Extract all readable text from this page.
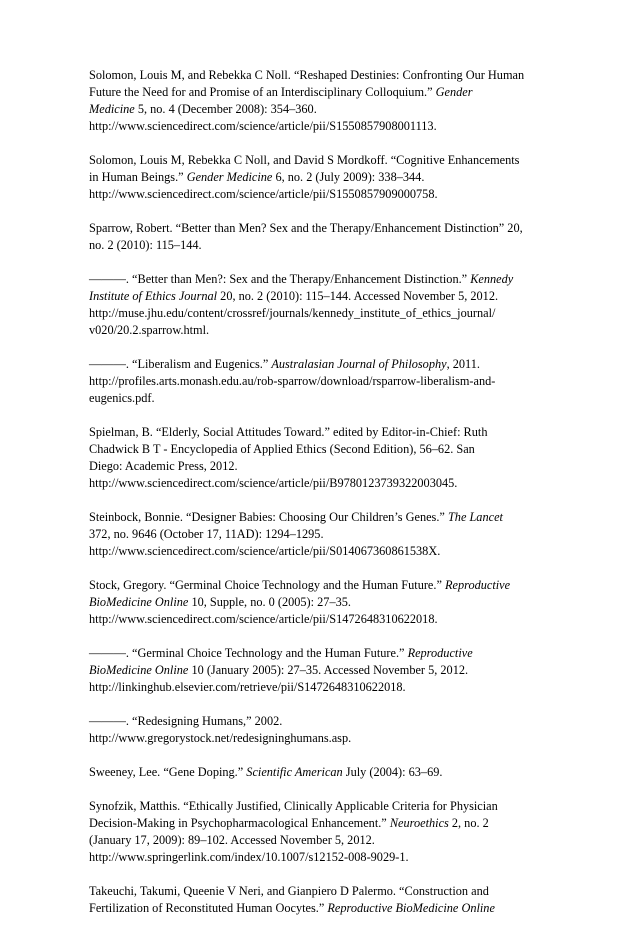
Solomon, Louis M, and Rebekka C Noll. “Reshaped Destinies: Confronting Our Human
Future the Need for and Promise of an Interdisciplinary Colloquium.” Gender
Medicine 5, no. 4 (December 2008): 354–360.
http://www.sciencedirect.com/science/article/pii/S1550857908001113.

Solomon, Louis M, Rebekka C Noll, and David S Mordkoff. “Cognitive Enhancements
in Human Beings.” Gender Medicine 6, no. 2 (July 2009): 338–344.
http://www.sciencedirect.com/science/article/pii/S1550857909000758.

Sparrow, Robert. “Better than Men? Sex and the Therapy/Enhancement Distinction” 20,
no. 2 (2010): 115–144.

———. “Better than Men?: Sex and the Therapy/Enhancement Distinction.” Kennedy
Institute of Ethics Journal 20, no. 2 (2010): 115–144. Accessed November 5, 2012.
http://muse.jhu.edu/content/crossref/journals/kennedy_institute_of_ethics_journal/
v020/20.2.sparrow.html.

———. “Liberalism and Eugenics.” Australasian Journal of Philosophy, 2011.
http://profiles.arts.monash.edu.au/rob-sparrow/download/rsparrow-liberalism-and-
eugenics.pdf.

Spielman, B. “Elderly, Social Attitudes Toward.” edited by Editor-in-Chief: Ruth
Chadwick B T - Encyclopedia of Applied Ethics (Second Edition), 56–62. San
Diego: Academic Press, 2012.
http://www.sciencedirect.com/science/article/pii/B9780123739322003045.

Steinbock, Bonnie. “Designer Babies: Choosing Our Children’s Genes.” The Lancet
372, no. 9646 (October 17, 11AD): 1294–1295.
http://www.sciencedirect.com/science/article/pii/S014067360861538X.

Stock, Gregory. “Germinal Choice Technology and the Human Future.” Reproductive
BioMedicine Online 10, Supple, no. 0 (2005): 27–35.
http://www.sciencedirect.com/science/article/pii/S1472648310622018.

———. “Germinal Choice Technology and the Human Future.” Reproductive
BioMedicine Online 10 (January 2005): 27–35. Accessed November 5, 2012.
http://linkinghub.elsevier.com/retrieve/pii/S1472648310622018.

———. “Redesigning Humans,” 2002.
http://www.gregorystock.net/redesigninghumans.asp.

Sweeney, Lee. “Gene Doping.” Scientific American July (2004): 63–69.

Synofzik, Matthis. “Ethically Justified, Clinically Applicable Criteria for Physician
Decision-Making in Psychopharmacological Enhancement.” Neuroethics 2, no. 2
(January 17, 2009): 89–102. Accessed November 5, 2012.
http://www.springerlink.com/index/10.1007/s12152-008-9029-1.

Takeuchi, Takumi, Queenie V Neri, and Gianpiero D Palermo. “Construction and
Fertilization of Reconstituted Human Oocytes.” Reproductive BioMedicine Online
